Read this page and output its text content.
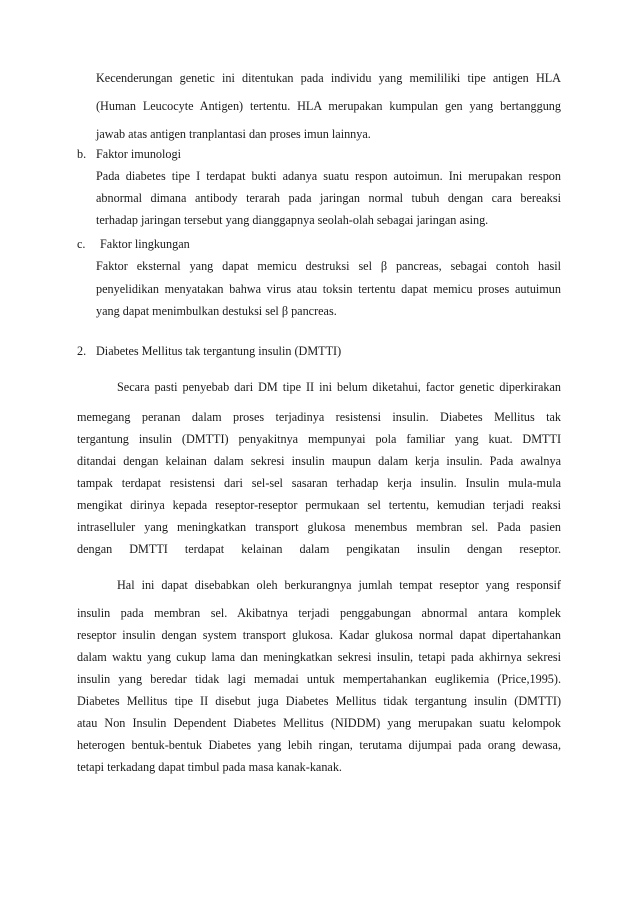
Kecenderungan genetic ini ditentukan pada individu yang memililiki tipe antigen HLA
(Human Leucocyte Antigen) tertentu. HLA merupakan kumpulan gen yang bertanggung
jawab atas antigen tranplantasi dan proses imun lainnya.
b. Faktor imunologi
Pada diabetes tipe I terdapat bukti adanya suatu respon autoimun. Ini merupakan respon
abnormal dimana antibody terarah pada jaringan normal tubuh dengan cara bereaksi
terhadap jaringan tersebut yang dianggapnya seolah-olah sebagai jaringan asing.
c. Faktor lingkungan
Faktor eksternal yang dapat memicu destruksi sel β pancreas, sebagai contoh hasil
penyelidikan menyatakan bahwa virus atau toksin tertentu dapat memicu proses autuimun
yang dapat menimbulkan destuksi sel β pancreas.
2. Diabetes Mellitus tak tergantung insulin (DMTTI)
Secara pasti penyebab dari DM tipe II ini belum diketahui, factor genetic diperkirakan
memegang peranan dalam proses terjadinya resistensi insulin. Diabetes Mellitus tak
tergantung insulin (DMTTI) penyakitnya mempunyai pola familiar yang kuat. DMTTI
ditandai dengan kelainan dalam sekresi insulin maupun dalam kerja insulin. Pada awalnya
tampak terdapat resistensi dari sel-sel sasaran terhadap kerja insulin. Insulin mula-mula
mengikat dirinya kepada reseptor-reseptor permukaan sel tertentu, kemudian terjadi reaksi
intraselluler yang meningkatkan transport glukosa menembus membran sel. Pada pasien
dengan DMTTI terdapat kelainan dalam pengikatan insulin dengan reseptor.
Hal ini dapat disebabkan oleh berkurangnya jumlah tempat reseptor yang responsif
insulin pada membran sel. Akibatnya terjadi penggabungan abnormal antara komplek
reseptor insulin dengan system transport glukosa. Kadar glukosa normal dapat dipertahankan
dalam waktu yang cukup lama dan meningkatkan sekresi insulin, tetapi pada akhirnya sekresi
insulin yang beredar tidak lagi memadai untuk mempertahankan euglikemia (Price,1995).
Diabetes Mellitus tipe II disebut juga Diabetes Mellitus tidak tergantung insulin (DMTTI)
atau Non Insulin Dependent Diabetes Mellitus (NIDDM) yang merupakan suatu kelompok
heterogen bentuk-bentuk Diabetes yang lebih ringan, terutama dijumpai pada orang dewasa,
tetapi terkadang dapat timbul pada masa kanak-kanak.
